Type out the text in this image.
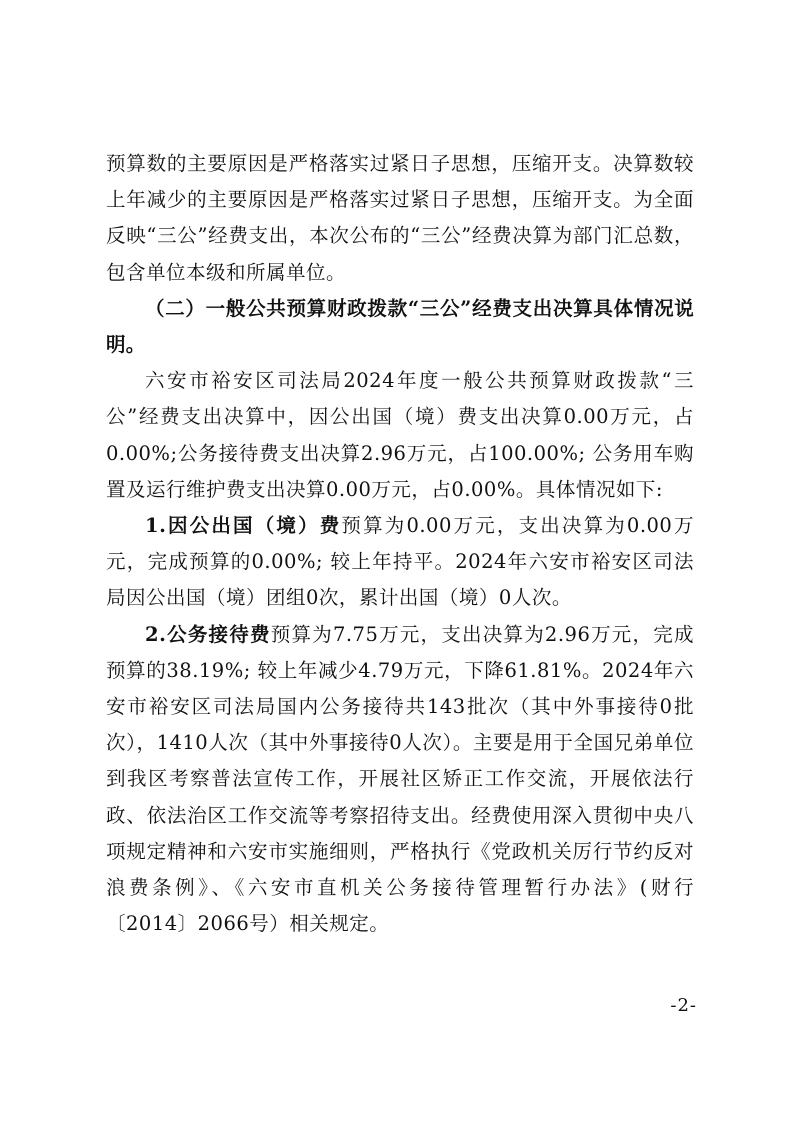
预算数的主要原因是严格落实过紧日子思想，压缩开支。决算数较上年减少的主要原因是严格落实过紧日子思想，压缩开支。为全面反映“三公”经费支出，本次公布的“三公”经费决算为部门汇总数，包含单位本级和所属单位。

（二）一般公共预算财政拨款“三公”经费支出决算具体情况说明。

六安市裕安区司法局2024年度一般公共预算财政拨款“三公”经费支出决算中，因公出国（境）费支出决算0.00万元，占0.00%;公务接待费支出决算2.96万元，占100.00%; 公务用车购置及运行维护费支出决算0.00万元，占0.00%。具体情况如下:

1.因公出国（境）费预算为0.00万元，支出决算为0.00万元，完成预算的0.00%; 较上年持平。2024年六安市裕安区司法局因公出国（境）团组0次，累计出国（境）0人次。

2.公务接待费预算为7.75万元，支出决算为2.96万元，完成预算的38.19%; 较上年减少4.79万元，下降61.81%。2024年六安市裕安区司法局国内公务接待共143批次（其中外事接待0批次），1410人次（其中外事接待0人次）。主要是用于全国兄弟单位到我区考察普法宣传工作，开展社区矫正工作交流，开展依法行政、依法治区工作交流等考察招待支出。经费使用深入贯彻中央八项规定精神和六安市实施细则，严格执行《党政机关厉行节约反对浪费条例》、《六安市直机关公务接待管理暂行办法》(财行〔2014〕2066号）相关规定。

-2-
